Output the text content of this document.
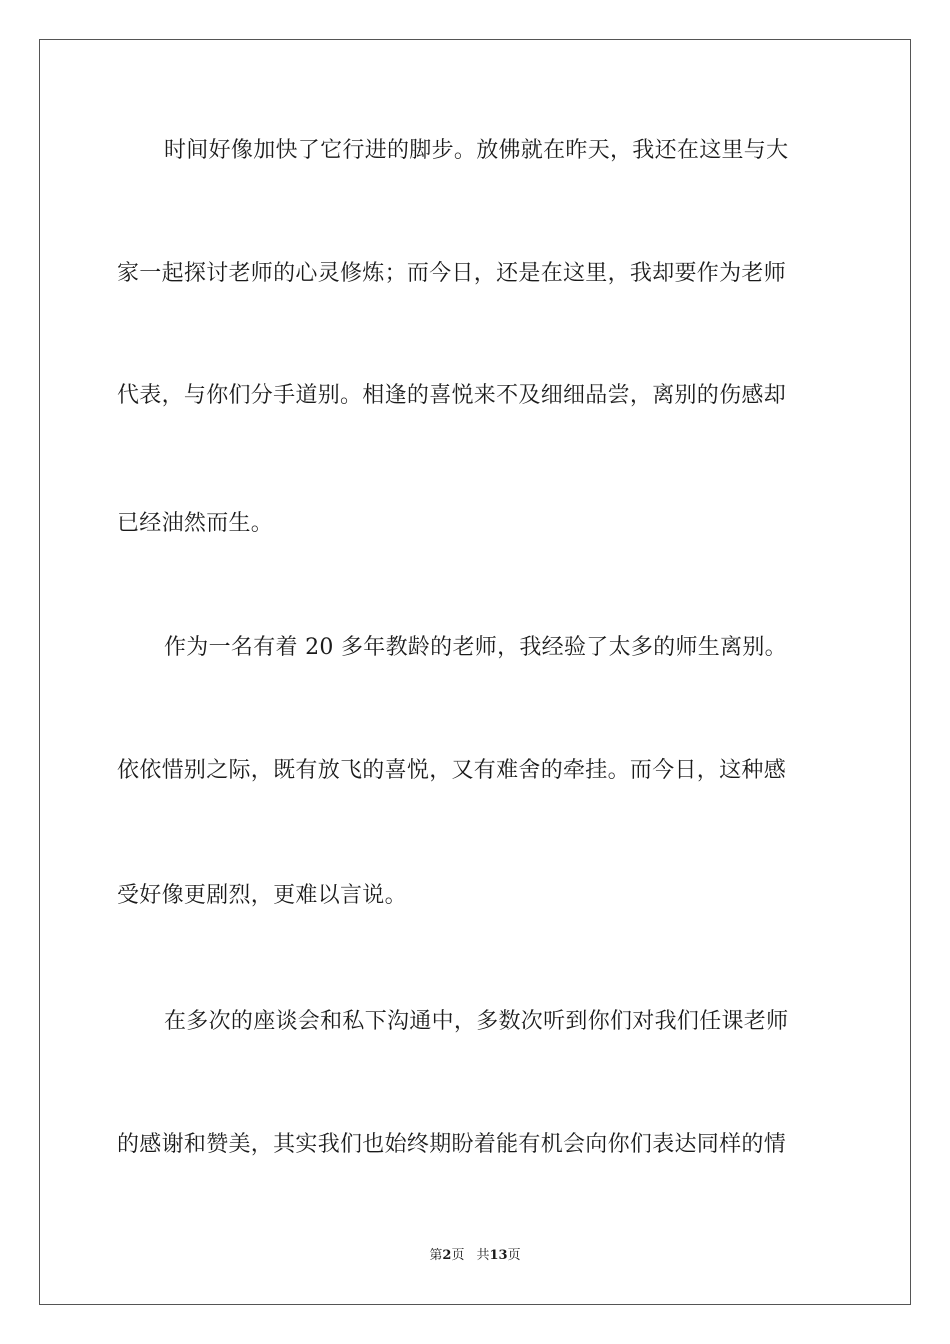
时间好像加快了它行进的脚步。放佛就在昨天，我还在这里与大
家一起探讨老师的心灵修炼；而今日，还是在这里，我却要作为老师
代表，与你们分手道别。相逢的喜悦来不及细细品尝，离别的伤感却
已经油然而生。
作为一名有着 20 多年教龄的老师，我经验了太多的师生离别。
依依惜别之际，既有放飞的喜悦，又有难舍的牵挂。而今日，这种感
受好像更剧烈，更难以言说。
在多次的座谈会和私下沟通中，多数次听到你们对我们任课老师
的感谢和赞美，其实我们也始终期盼着能有机会向你们表达同样的情
第2页 共13页
